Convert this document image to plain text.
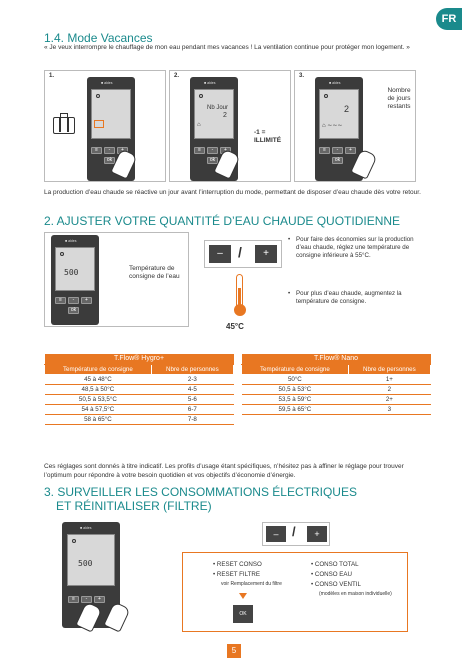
FR
1.4. Mode Vacances
« Je veux interrompre le chauffage de mon eau pendant mes vacances ! La ventilation continue pour protéger mon logement. »
1.
■ aldes
≡	-
ok
2.
■ aldes
Nb Jour
2
⌂
≡	-
ok
-1 = ILLIMITÉ
3.
■ aldes
2
⌂ ∼∼∼
≡	-	+
ok
Nombre de jours restants
La production d’eau chaude se réactive un jour avant l’interruption du mode, permettant de disposer d’eau chaude dès votre retour.
2. AJUSTER VOTRE QUANTITÉ D’EAU CHAUDE QUOTIDIENNE
■ aldes
500
≡	-	+
ok
Température de consigne de l’eau
–	/	+
45°C
• Pour faire des économies sur la production d’eau chaude, réglez une température de consigne inférieure à 55°C.
• Pour plus d’eau chaude, augmentez la température de consigne.
T.Flow® Hygro+	
Température de consigne	Nbre de personnes
45 à 48°C	2-3
48,5 à 50°C	4-5
50,5 à 53,5°C	5-6
54 à 57,5°C	6-7
58 à 65°C	7-8
T.Flow® Nano	
Température de consigne	Nbre de personnes
50°C	1+
50,5 à 53°C	2
53,5 à 59°C	2+
59,5 à 65°C	3
Ces réglages sont donnés à titre indicatif. Les profils d’usage étant spécifiques, n’hésitez pas à affiner le réglage pour trouver l’optimum pour répondre à votre besoin quotidien et vos objectifs d’économie d’énergie.
3. SURVEILLER LES CONSOMMATIONS ÉLECTRIQUES
ET RÉINITIALISER (FILTRE)
■ aldes
500
≡	-	+
–	/	+
• RESET CONSO
• RESET FILTRE
voir Remplacement du filtre
OK
• CONSO TOTAL
• CONSO EAU
• CONSO VENTIL
(modèles en maison individuelle)
5
